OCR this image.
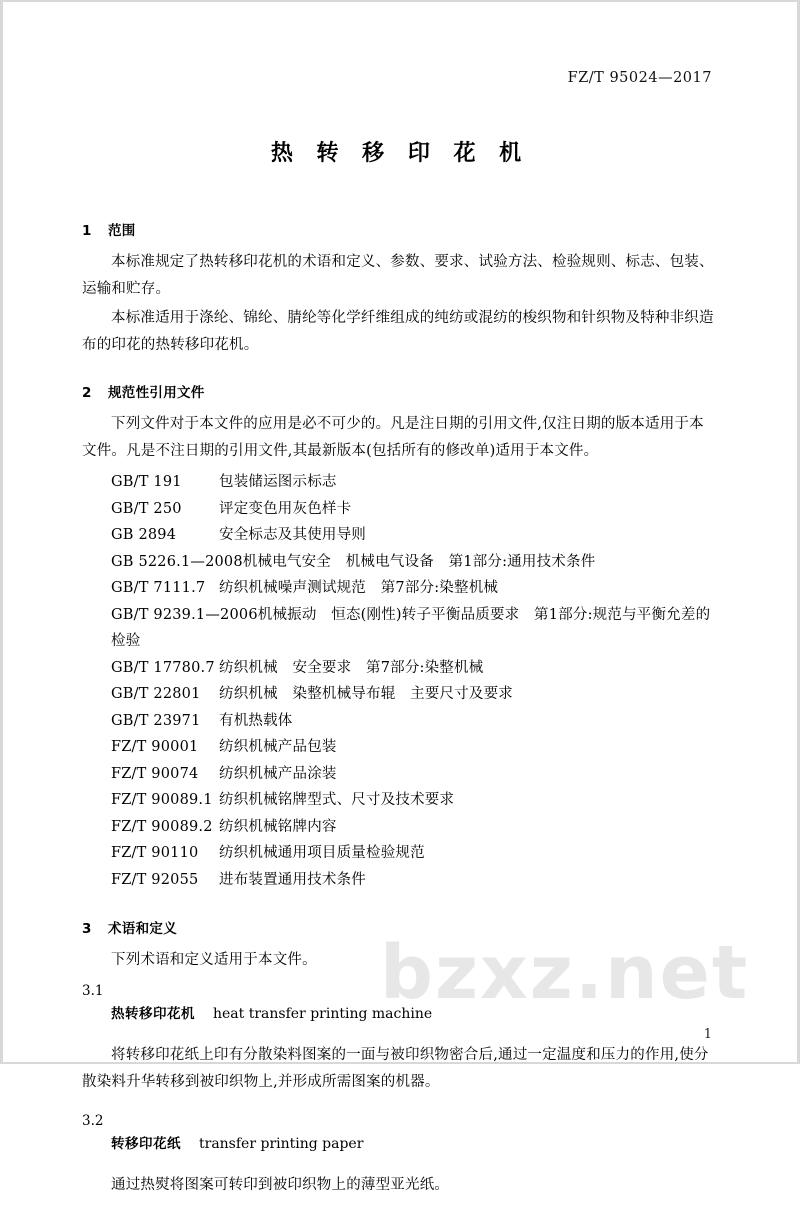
FZ/T 95024—2017
热 转 移 印 花 机
1 范围

本标准规定了热转移印花机的术语和定义、参数、要求、试验方法、检验规则、标志、包装、运输和贮存。

本标准适用于涤纶、锦纶、腈纶等化学纤维组成的纯纺或混纺的梭织物和针织物及特种非织造布的印花的热转移印花机。

2 规范性引用文件

下列文件对于本文件的应用是必不可少的。凡是注日期的引用文件,仅注日期的版本适用于本文件。凡是不注日期的引用文件,其最新版本(包括所有的修改单)适用于本文件。

GB/T 191	包装储运图示标志
GB/T 250	评定变色用灰色样卡
GB 2894	安全标志及其使用导则
GB 5226.1—2008机械电气安全　机械电气设备　第1部分:通用技术条件
GB/T 7111.7 纺织机械噪声测试规范　第7部分:染整机械
GB/T 9239.1—2006机械振动　恒态(刚性)转子平衡品质要求　第1部分:规范与平衡允差的检验
GB/T 17780.7 纺织机械　安全要求　第7部分:染整机械
GB/T 22801 纺织机械　染整机械导布辊　主要尺寸及要求
GB/T 23971 有机热载体
FZ/T 90001 纺织机械产品包装
FZ/T 90074 纺织机械产品涂装
FZ/T 90089.1 纺织机械铭牌型式、尺寸及技术要求
FZ/T 90089.2 纺织机械铭牌内容
FZ/T 90110 纺织机械通用项目质量检验规范
FZ/T 92055 进布装置通用技术条件
3 术语和定义

下列术语和定义适用于本文件。

3.1
热转移印花机 heat transfer printing machine

将转移印花纸上印有分散染料图案的一面与被印织物密合后,通过一定温度和压力的作用,使分散染料升华转移到被印织物上,并形成所需图案的机器。

3.2
转移印花纸 transfer printing paper

通过热熨将图案可转印到被印织物上的薄型亚光纸。

bzxz.net
1
